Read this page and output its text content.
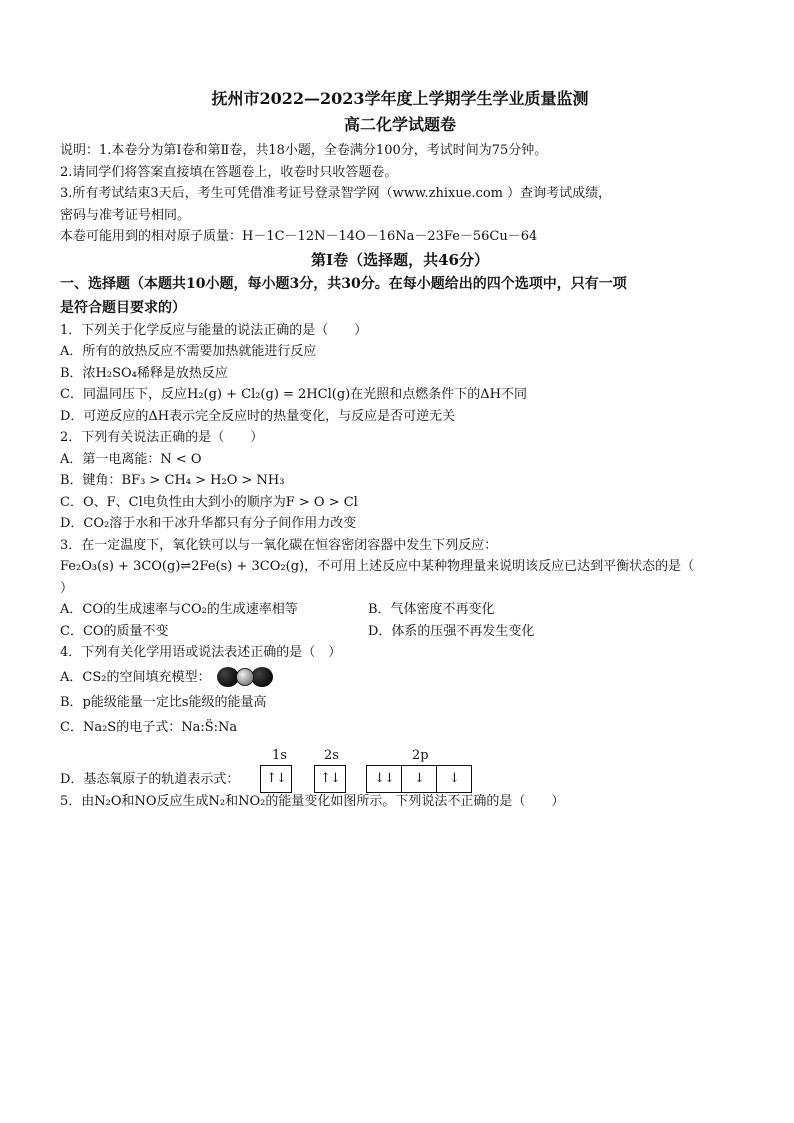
抚州市2022—2023学年度上学期学生学业质量监测
高二化学试题卷
说明：1.本卷分为第Ⅰ卷和第Ⅱ卷，共18小题，全卷满分100分，考试时间为75分钟。
2.请同学们将答案直接填在答题卷上，收卷时只收答题卷。
3.所有考试结束3天后，考生可凭借准考证号登录智学网（www.zhixue.com ）查询考试成绩，
密码与准考证号相同。
本卷可能用到的相对原子质量：H－1C－12N－14O－16Na－23Fe－56Cu－64
第Ⅰ卷（选择题，共46分）
一、选择题（本题共10小题，每小题3分，共30分。在每小题给出的四个选项中，只有一项
是符合题目要求的）
1．下列关于化学反应与能量的说法正确的是（　　）
A．所有的放热反应不需要加热就能进行反应
B．浓H₂SO₄稀释是放热反应
C．同温同压下，反应H₂(g) + Cl₂(g) = 2HCl(g)在光照和点燃条件下的ΔH不同
D．可逆反应的ΔH表示完全反应时的热量变化，与反应是否可逆无关
2．下列有关说法正确的是（　　）
A．第一电离能：N < O
B．键角：BF₃ > CH₄ > H₂O > NH₃
C．O、F、Cl电负性由大到小的顺序为F > O > Cl
D．CO₂溶于水和干冰升华都只有分子间作用力改变
3．在一定温度下，氧化铁可以与一氧化碳在恒容密闭容器中发生下列反应：
Fe₂O₃(s) + 3CO(g)⇌2Fe(s) + 3CO₂(g)，不可用上述反应中某种物理量来说明该反应已达到平衡状态的是（
）
A．CO的生成速率与CO₂的生成速率相等	B．气体密度不再变化
C．CO的质量不变	D．体系的压强不再发生变化
4．下列有关化学用语或说法表述正确的是（　）
A．CS₂的空间填充模型：
B．p能级能量一定比s能级的能量高
C．Na₂S的电子式：Na:S̈:Na
1s	2s	2p
↑↓	↑↓	↓↓	↓	↓
D．基态氧原子的轨道表示式：
5．由N₂O和NO反应生成N₂和NO₂的能量变化如图所示。下列说法不正确的是（　　）
